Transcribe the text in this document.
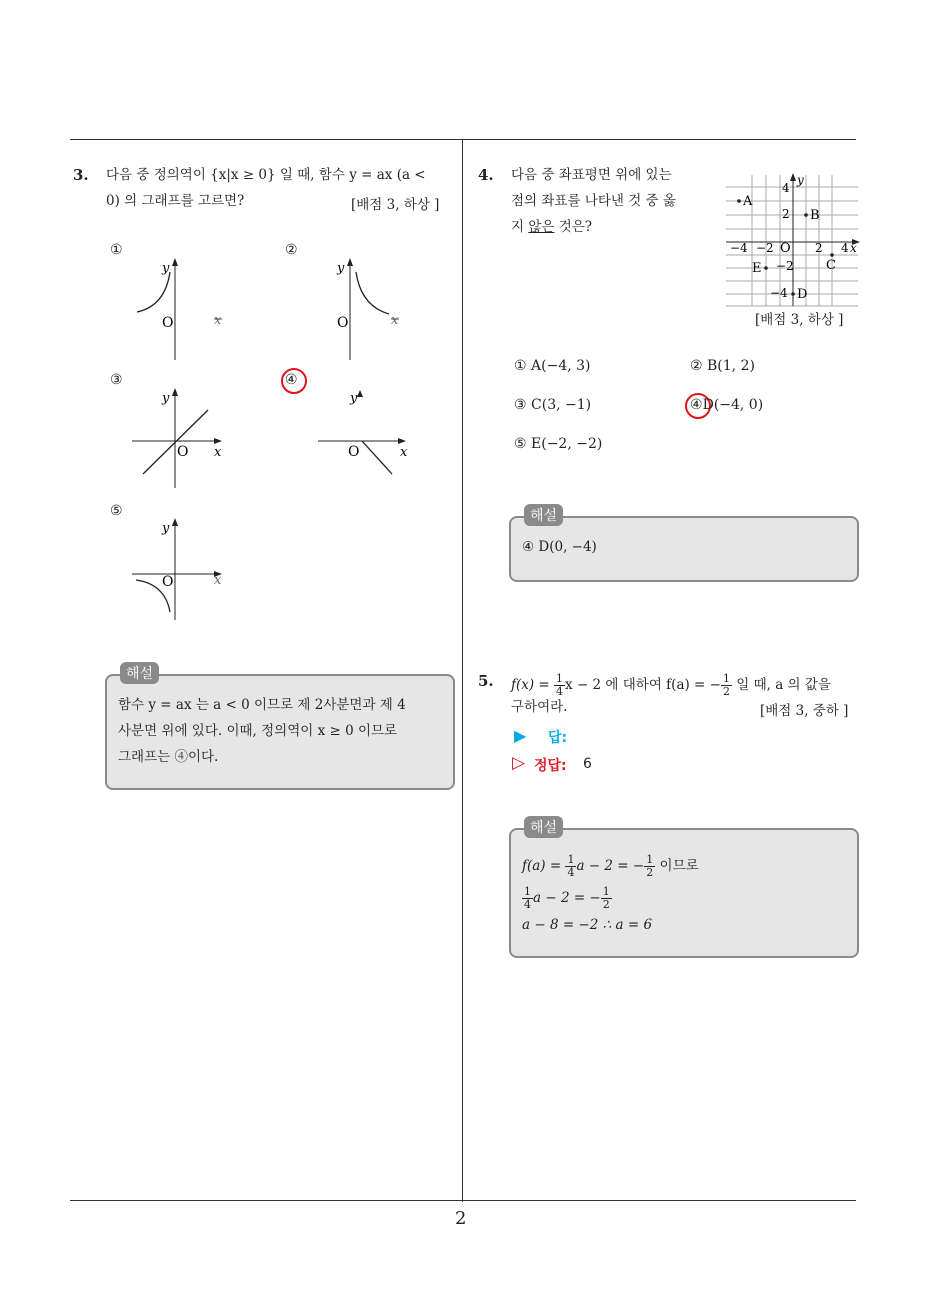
2
3. 다음 중 정의역이 {x|x ≥ 0} 일 때, 함수 y = ax (a <
0) 의 그래프를 고르면?	[배점 3, 하상 ]
①	②
③	④
⑤
y
O	x
y
O	x
y
O x
y
O	x
y
O	x
해설
함수 y = ax 는 a < 0 이므로 제 2사분면과 제 4
사분면 위에 있다. 이때, 정의역이 x ≥ 0 이므로
그래프는 ④이다.
4. 다음 중 좌표평면 위에 있는
점의 좌표를 나타낸 것 중 옳
지 않은 것은?
y
x
O
4
2
−2
−4
−4 −2	2 4
A
B
C
D
E
[배점 3, 하상 ]
① A(−4, 3)	② B(1, 2)
③ C(3, −1)	④D(−4, 0)
⑤ E(−2, −2)
해설
④ D(0, −4)
5. $f(x) = \frac{1}{4}$ x − 2 에 대하여 f(a) = − $\frac{1}{2}$ 일 때, a 의 값을
구하여라.	[배점 3, 중하 ]
▶ 답:
▷ 정답: 6
해설
$f(a) = \frac{1}{4}$ a − 2 = − $\frac{1}{2}$ 이므로
$\frac{1}{4}$ a − 2 = − $\frac{1}{2}$
a − 8 = −2 ∴ a = 6
